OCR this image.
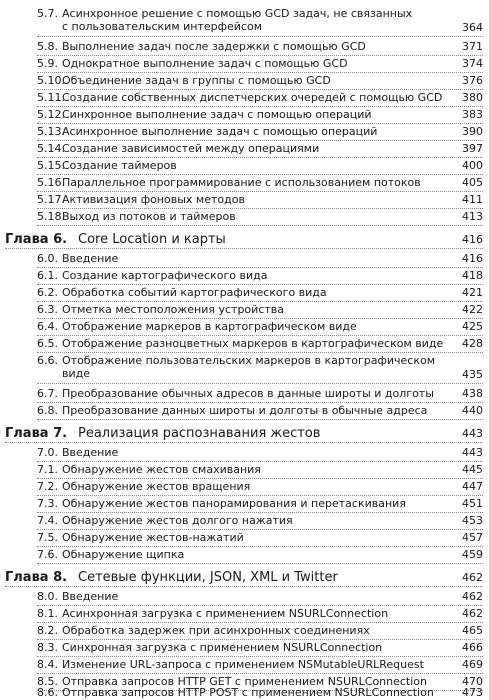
5.7. Асинхронное решение с помощью GCD задач, не связанных
с пользовательским интерфейсом	364
5.8. Выполнение задач после задержки с помощью GCD	371
5.9. Однократное выполнение задач с помощью GCD	374
5.10.
Объединение задач в группы с помощью GCD	376
5.11.
Создание собственных диспетчерских очередей с помощью GCD 380
5.12.
Синхронное выполнение задач с помощью операций	383
5.13.
Асинхронное выполнение задач с помощью операций	390
5.14.
Создание зависимостей между операциями	397
5.15.
Создание таймеров	400
5.16.
Параллельное программирование с использованием потоков	405
5.17.
Активизация фоновых методов	411
5.18.
Выход из потоков и таймеров	413
Глава 6. Core Location и карты	416
6.0. Введение	416
6.1. Создание картографического вида	418
6.2. Обработка событий картографического вида	421
6.3. Отметка местоположения устройства	422
6.4. Отображение маркеров в картографическом виде	425
6.5. Отображение разноцветных маркеров в картографическом виде 428
6.6. Отображение пользовательских маркеров в картографическом
виде	435
6.7. Преобразование обычных адресов в данные широты и долготы	438
6.8. Преобразование данных широты и долготы в обычные адреса	440
Глава 7. Реализация распознавания жестов	443
7.0. Введение	443
7.1. Обнаружение жестов смахивания	445
7.2. Обнаружение жестов вращения	447
7.3. Обнаружение жестов панорамирования и перетаскивания	451
7.4. Обнаружение жестов долгого нажатия	453
7.5. Обнаружение жестов-нажатий	457
7.6. Обнаружение щипка	459
Глава 8. Сетевые функции, JSON, XML и Twitter	462
8.0. Введение	462
8.1. Асинхронная загрузка с применением NSURLConnection	462
8.2. Обработка задержек при асинхронных соединениях	465
8.3. Синхронная загрузка с применением NSURLConnection	466
8.4. Изменение URL-запроса с применением NSMutableURLRequest	469
8.5. Отправка запросов HTTP GET с применением NSURLConnection	470
8.6. Отправка запросов HTTP POST с применением NSURLConnection	473
